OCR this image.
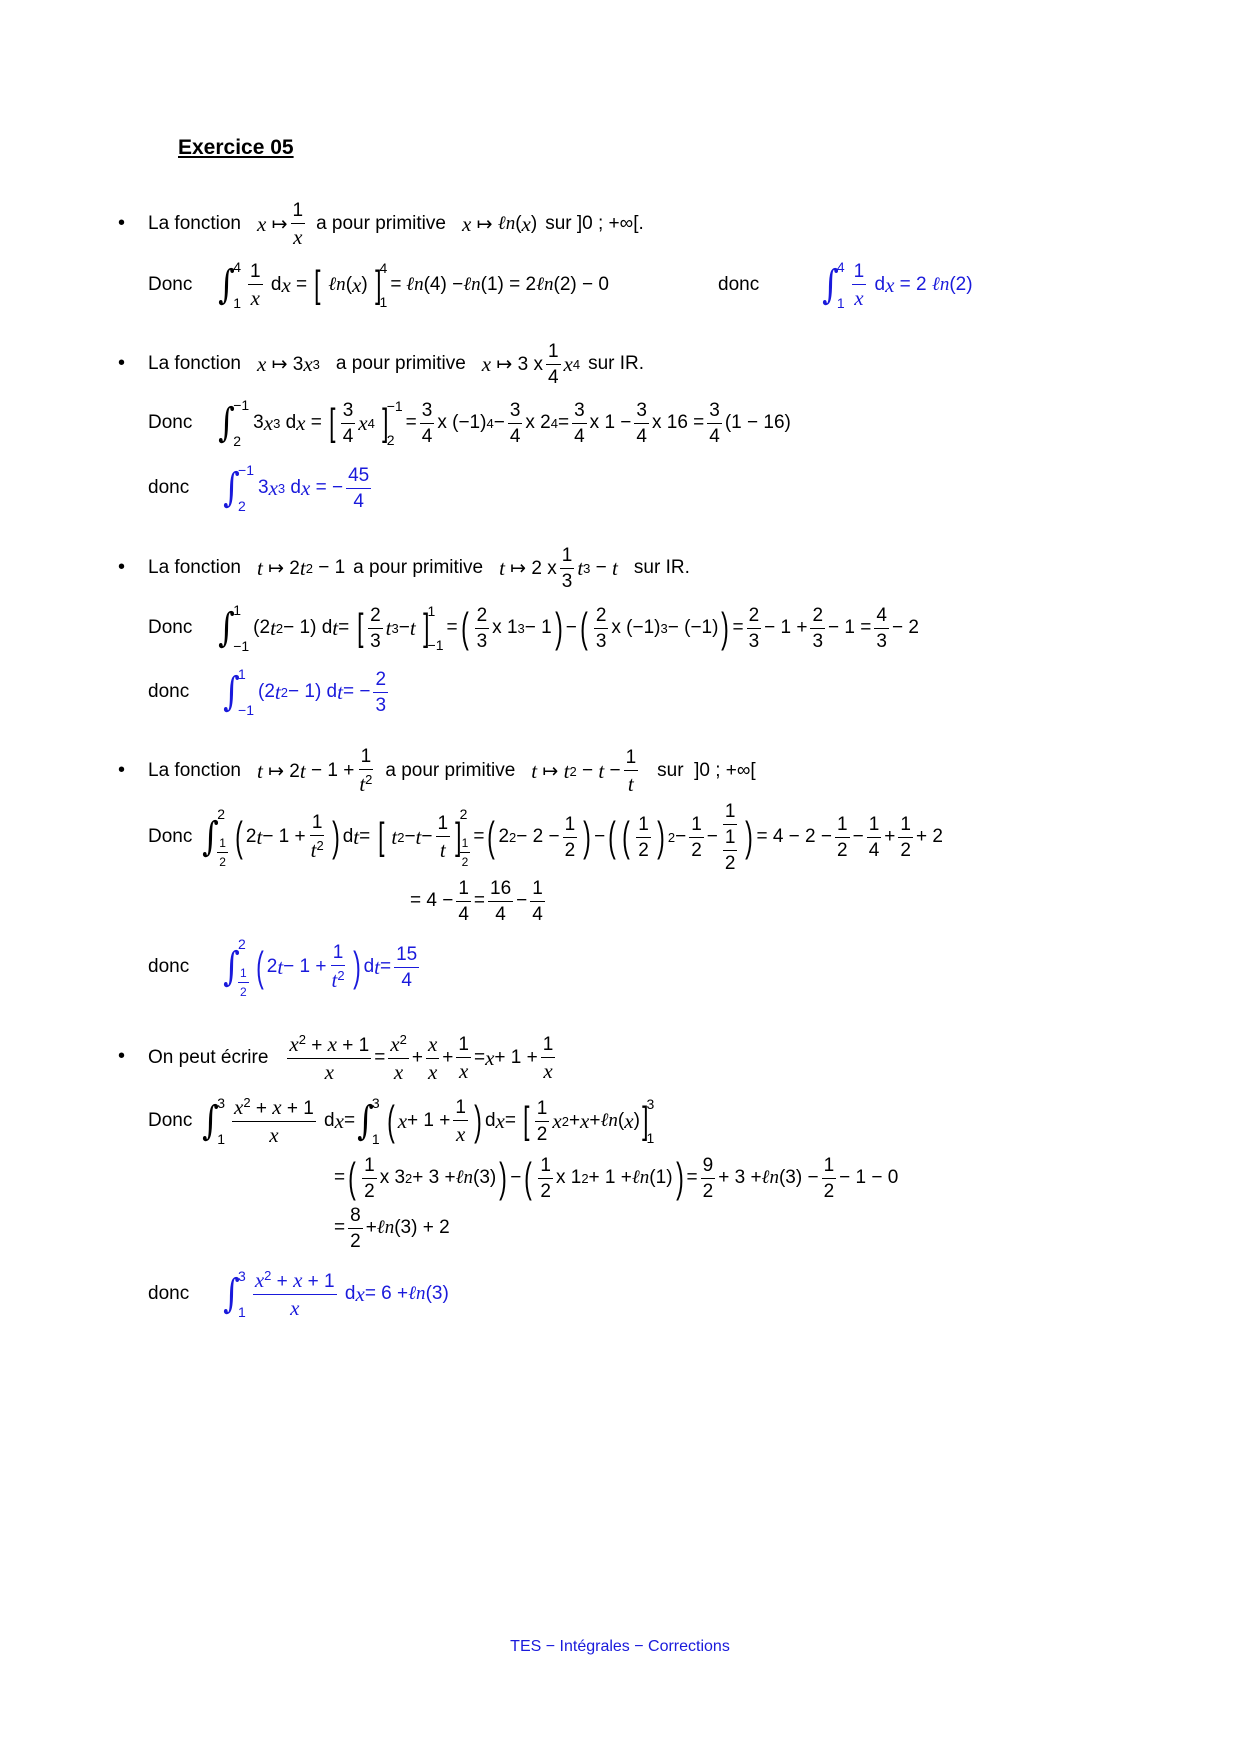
Exercice 05
• La fonction x ↦ $\frac{1}{x}$ a pour primitive x ↦ ℓn ( x ) sur
]0 ; +∞[.
Donc ∫
4
$1 \frac{1}{x}$ d x = [
ℓn ( x ) ]
4
1
= ℓn (4) − ℓn (1) = 2 ℓn (2) − 0	donc ∫
4
$1 \frac{1}{x}$ d x = 2 ℓn (2)
• La fonction x ↦ 3 x 3 a pour primitive x ↦ 3 x $\frac{1}{4}$ x 4 sur
IR.
Donc ∫
−1
2
3 x 3 d x = [ $\frac{3}{4}$ x 4
]
−1
2
= $\frac{3}{4}$ x (−1) $4 - \frac{3}{4}$ x 2 $4 = \frac{3}{4}$ x $1 - \frac{3}{4}$ x $16 = \frac{3}{4} (1 - 16)$
donc ∫
−1
2
3 x 3 d x = − $\frac{45}{4}$
• La fonction t ↦ 2 t 2 − 1 a pour primitive t ↦ 2 x $\frac{1}{3}$ t 3 − t sur
IR.
Donc ∫
1
−1
(2 t 2 − 1) d t = [ $\frac{2}{3}$ t 3 − t
]
1
−1
= ( $\frac{2}{3}$ x 1 3 − 1 ) − ( $\frac{2}{3}$ x (−1) 3 − (−1) ) = $\frac{2}{3} - 1 + \frac{2}{3} - 1 = \frac{4}{3} - 2$
donc ∫
1
−1
(2 t 2 − 1) d t = − $\frac{2}{3}$
• La fonction t ↦ 2 $t - 1 + \frac{1}{t^2}$ a pour primitive t ↦ t $2 - t - \frac{1}{t}$ sur
]0 ; +∞[
Donc ∫
2
$\frac{1}{2}$ ( 2 $t - 1 + \frac{1}{t^2}$ ) d t = [
t $2 - t - \frac{1}{t}$ ]
2
$\frac{1}{2}$
= ( 2 $2 - 2 - \frac{1}{2}$ ) − ( ( $\frac{1}{2}$ ) $2 - \frac{1}{2} - \frac{1}{\frac{1}{2}}$ ) = $4 - 2 - \frac{1}{2} - \frac{1}{4} + \frac{1}{2} + 2$
= $4 - \frac{1}{4} = \frac{16}{4} - \frac{1}{4}$
donc ∫
2
$\frac{1}{2}$ ( 2 $t - 1 + \frac{1}{t^2}$ ) d $t = \frac{15}{4}$
• On peut écrire $\frac{x^2 + x + 1}{x} = \frac{x^2}{x} + \frac{x}{x} + \frac{1}{x} = x + 1 + \frac{1}{x}$
Donc ∫
3
$1 \frac{x^2 + x + 1}{x}$ d x = ∫
3
1 ( $x + 1 + \frac{1}{x}$ ) d x = [ $\frac{1}{2}$ x 2 + x + ℓn ( x ) ]
3
1
= ( $\frac{1}{2}$ x 3 2 + 3 + ℓn (3) ) − ( $\frac{1}{2}$ x 1 2 + 1 + ℓn (1) ) = $\frac{9}{2} + 3$ + ℓn $(3) - \frac{1}{2} - 1 - 0$
= $\frac{8}{2}$ + ℓn (3) + 2
donc ∫
3
$1 \frac{x^2 + x + 1}{x}$ d x = 6 + ℓn (3)
TES − Intégrales − Corrections
